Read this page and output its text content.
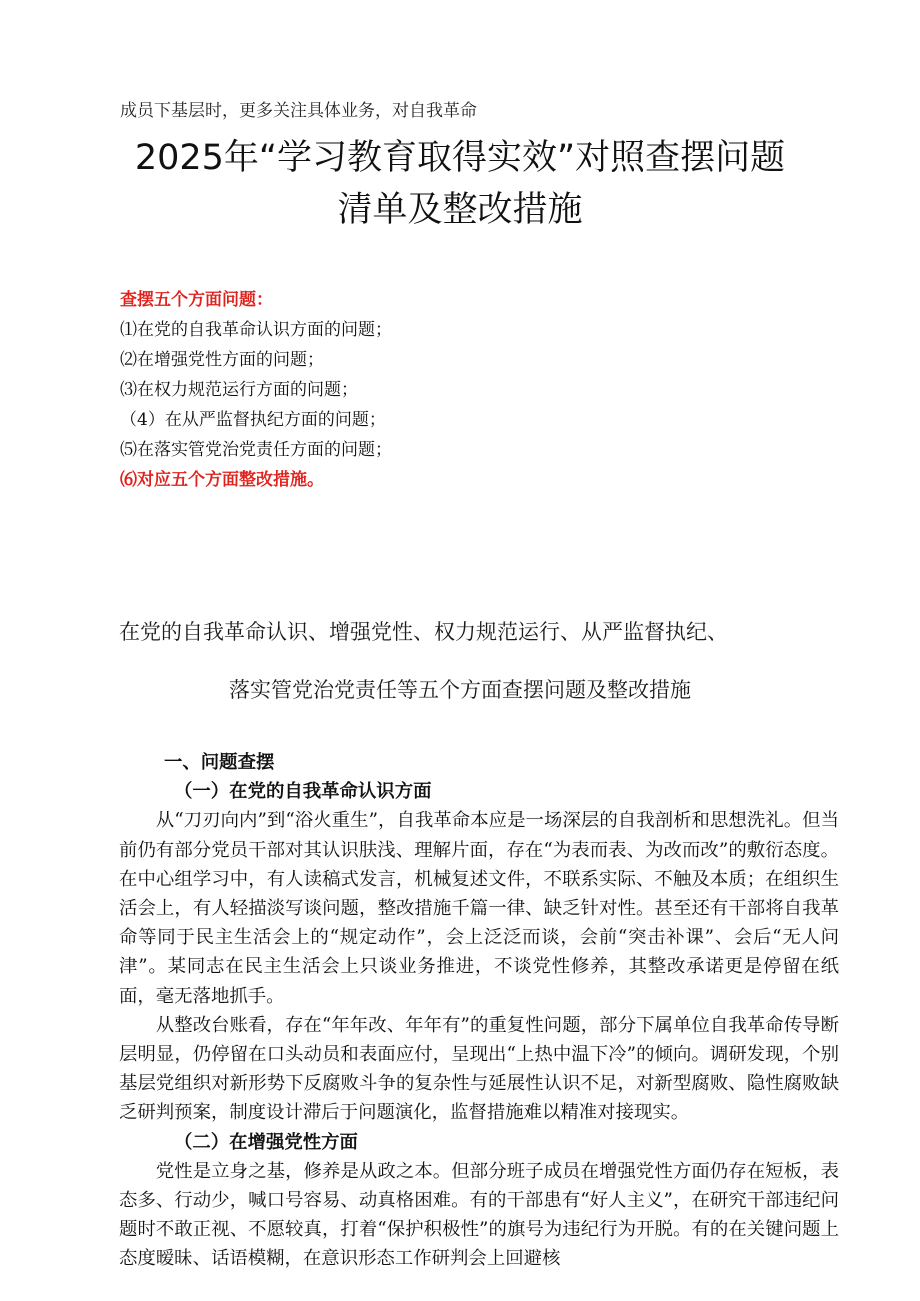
成员下基层时，更多关注具体业务，对自我革命
2025年“学习教育取得实效”对照查摆问题
清单及整改措施
查摆五个方面问题：
⑴在党的自我革命认识方面的问题；
⑵在增强党性方面的问题；
⑶在权力规范运行方面的问题；
（4）在从严监督执纪方面的问题；
⑸在落实管党治党责任方面的问题；
⑹对应五个方面整改措施。
在党的自我革命认识、增强党性、权力规范运行、从严监督执纪、
落实管党治党责任等五个方面查摆问题及整改措施
一、问题查摆
（一）在党的自我革命认识方面

从“刀刃向内”到“浴火重生”，自我革命本应是一场深层的自我剖析和思想洗礼。但当前仍有部分党员干部对其认识肤浅、理解片面，存在“为表而表、为改而改”的敷衍态度。在中心组学习中，有人读稿式发言，机械复述文件，不联系实际、不触及本质；在组织生活会上，有人轻描淡写谈问题，整改措施千篇一律、缺乏针对性。甚至还有干部将自我革命等同于民主生活会上的“规定动作”，会上泛泛而谈，会前“突击补课”、会后“无人问津”。某同志在民主生活会上只谈业务推进，不谈党性修养，其整改承诺更是停留在纸面，毫无落地抓手。

从整改台账看，存在“年年改、年年有”的重复性问题，部分下属单位自我革命传导断层明显，仍停留在口头动员和表面应付，呈现出“上热中温下冷”的倾向。调研发现，个别基层党组织对新形势下反腐败斗争的复杂性与延展性认识不足，对新型腐败、隐性腐败缺乏研判预案，制度设计滞后于问题演化，监督措施难以精准对接现实。

（二）在增强党性方面

党性是立身之基，修养是从政之本。但部分班子成员在增强党性方面仍存在短板，表态多、行动少，喊口号容易、动真格困难。有的干部患有“好人主义”，在研究干部违纪问题时不敢正视、不愿较真，打着“保护积极性”的旗号为违纪行为开脱。有的在关键问题上态度暧昧、话语模糊，在意识形态工作研判会上回避核
